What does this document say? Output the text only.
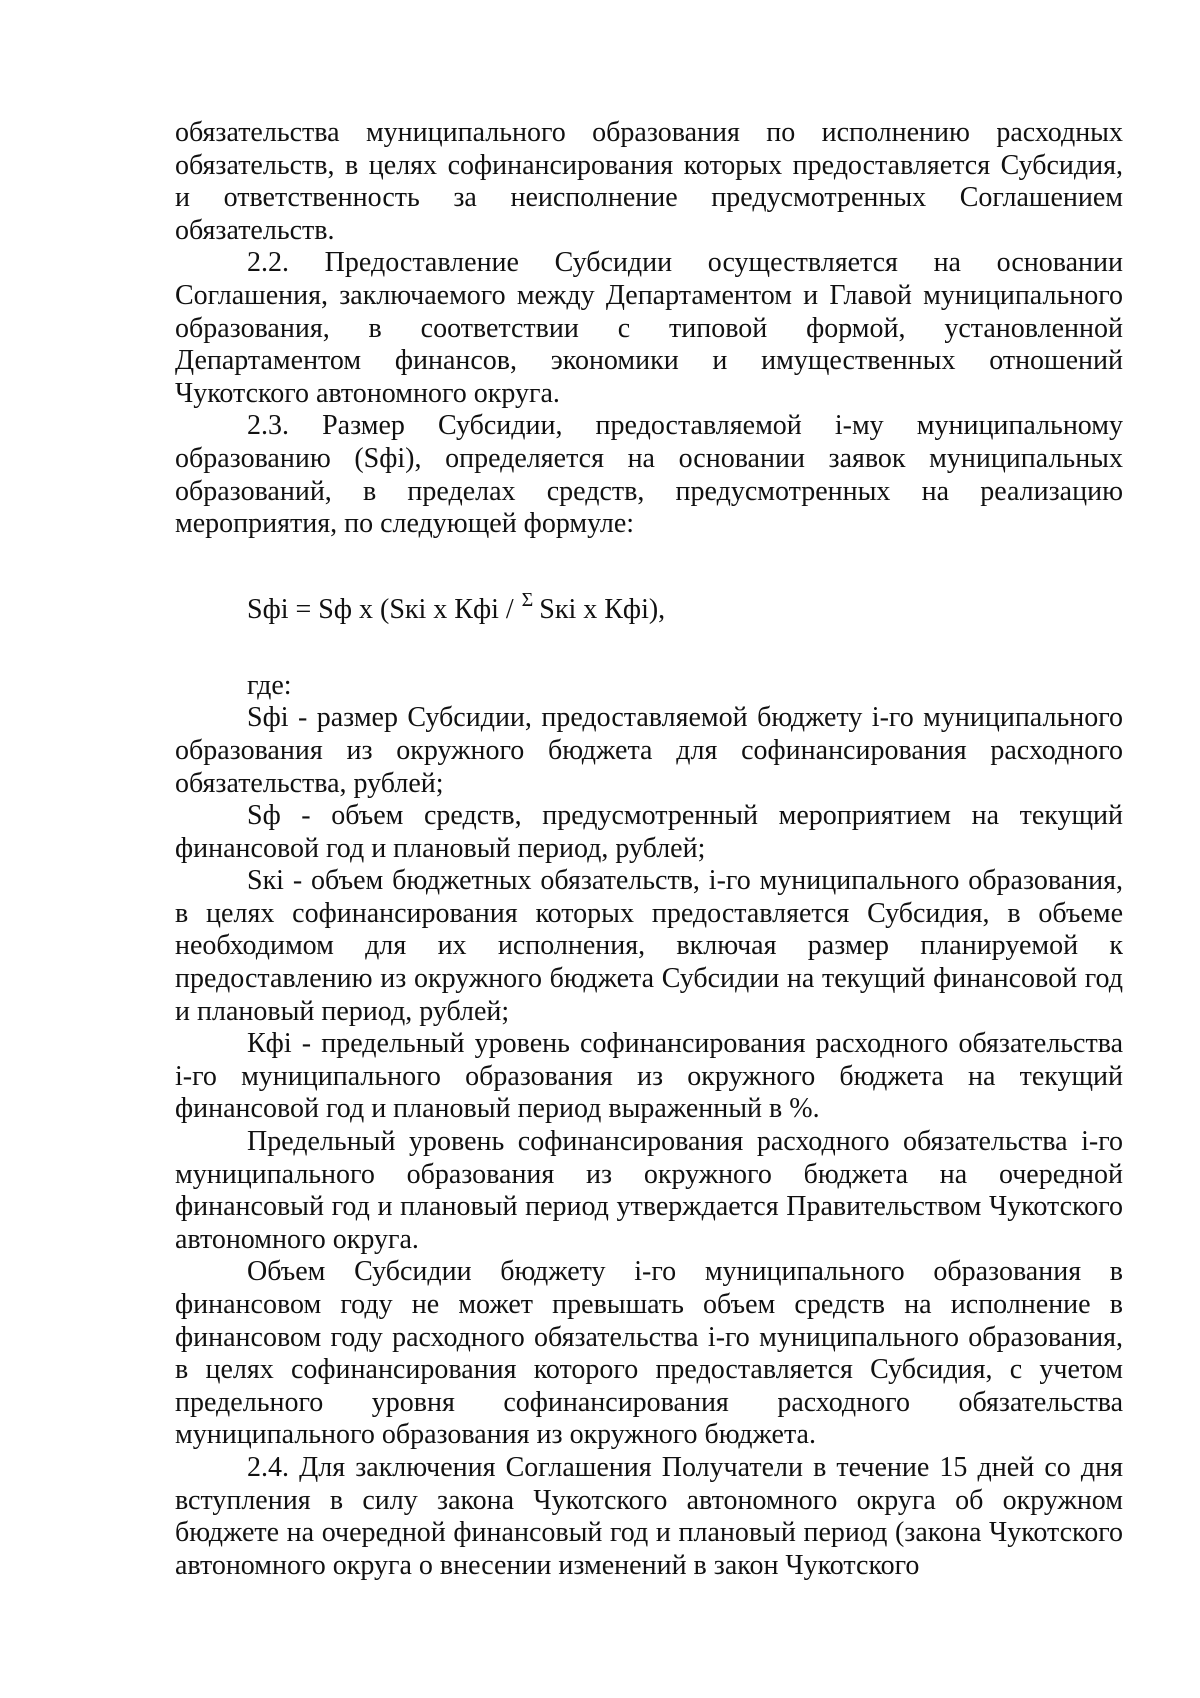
обязательства муниципального образования по исполнению расходных обязательств, в целях софинансирования которых предоставляется Субсидия, и ответственность за неисполнение предусмотренных Соглашением обязательств.

2.2. Предоставление Субсидии осуществляется на основании Соглашения, заключаемого между Департаментом и Главой муниципального образования, в соответствии с типовой формой, установленной Департаментом финансов, экономики и имущественных отношений Чукотского автономного округа.

2.3. Размер Субсидии, предоставляемой i-му муниципальному образованию (Sфi), определяется на основании заявок муниципальных образований, в пределах средств, предусмотренных на реализацию мероприятия, по следующей формуле:

Sфi = Sф х (Sкi х Кфi / Σ Sкi х Кфi),

где:

Sфi - размер Субсидии, предоставляемой бюджету i-го муниципального образования из окружного бюджета для софинансирования расходного обязательства, рублей;

Sф - объем средств, предусмотренный мероприятием на текущий финансовой год и плановый период, рублей;

Sкi - объем бюджетных обязательств, i-го муниципального образования, в целях софинансирования которых предоставляется Субсидия, в объеме необходимом для их исполнения, включая размер планируемой к предоставлению из окружного бюджета Субсидии на текущий финансовой год и плановый период, рублей;

Кфi - предельный уровень софинансирования расходного обязательства i-го муниципального образования из окружного бюджета на текущий финансовой год и плановый период выраженный в %.

Предельный уровень софинансирования расходного обязательства i-го муниципального образования из окружного бюджета на очередной финансовый год и плановый период утверждается Правительством Чукотского автономного округа.

Объем Субсидии бюджету i-го муниципального образования в финансовом году не может превышать объем средств на исполнение в финансовом году расходного обязательства i-го муниципального образования, в целях софинансирования которого предоставляется Субсидия, с учетом предельного уровня софинансирования расходного обязательства муниципального образования из окружного бюджета.

2.4. Для заключения Соглашения Получатели в течение 15 дней со дня вступления в силу закона Чукотского автономного округа об окружном бюджете на очередной финансовый год и плановый период (закона Чукотского автономного округа о внесении изменений в закон Чукотского
